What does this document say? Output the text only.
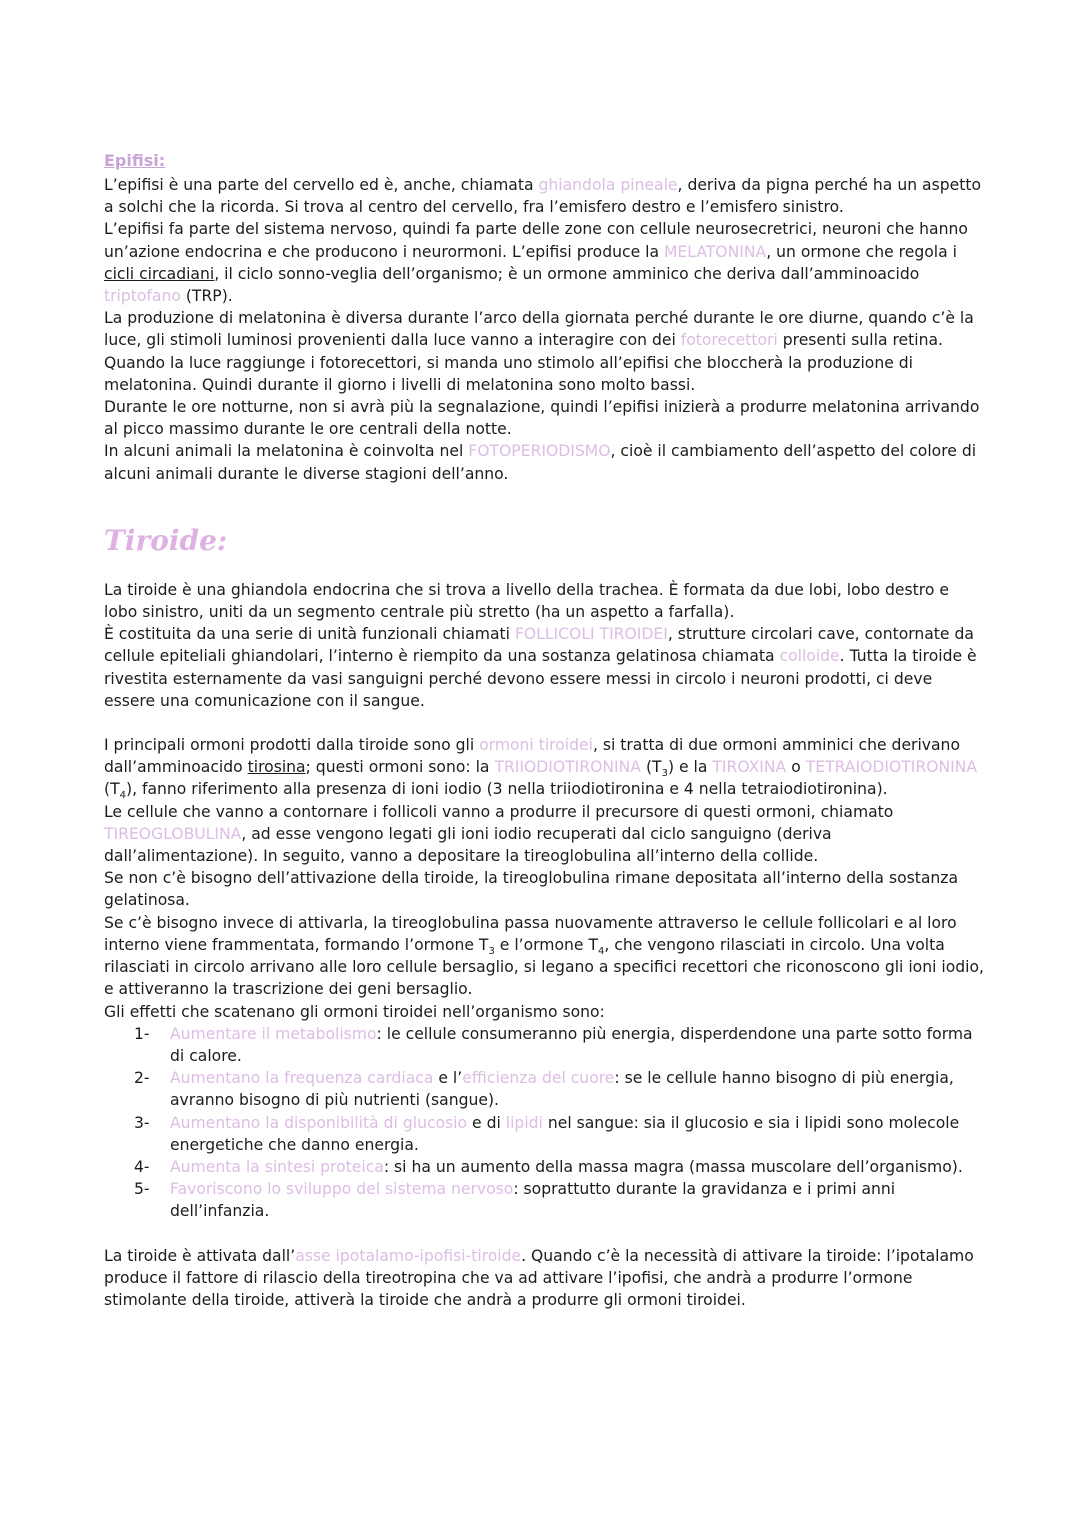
Epifisi:

L’epifisi è una parte del cervello ed è, anche, chiamata ghiandola pineale, deriva da pigna perché ha un aspetto a solchi che la ricorda. Si trova al centro del cervello, fra l’emisfero destro e l’emisfero sinistro.

L’epifisi fa parte del sistema nervoso, quindi fa parte delle zone con cellule neurosecretrici, neuroni che hanno un’azione endocrina e che producono i neurormoni. L’epifisi produce la MELATONINA, un ormone che regola i cicli circadiani, il ciclo sonno-veglia dell’organismo; è un ormone amminico che deriva dall’amminoacido triptofano (TRP).

La produzione di melatonina è diversa durante l’arco della giornata perché durante le ore diurne, quando c’è la luce, gli stimoli luminosi provenienti dalla luce vanno a interagire con dei fotorecettori presenti sulla retina. Quando la luce raggiunge i fotorecettori, si manda uno stimolo all’epifisi che bloccherà la produzione di melatonina. Quindi durante il giorno i livelli di melatonina sono molto bassi.

Durante le ore notturne, non si avrà più la segnalazione, quindi l’epifisi inizierà a produrre melatonina arrivando al picco massimo durante le ore centrali della notte.

In alcuni animali la melatonina è coinvolta nel FOTOPERIODISMO, cioè il cambiamento dell’aspetto del colore di alcuni animali durante le diverse stagioni dell’anno.

Tiroide:

La tiroide è una ghiandola endocrina che si trova a livello della trachea. È formata da due lobi, lobo destro e lobo sinistro, uniti da un segmento centrale più stretto (ha un aspetto a farfalla).

È costituita da una serie di unità funzionali chiamati FOLLICOLI TIROIDEI, strutture circolari cave, contornate da cellule epiteliali ghiandolari, l’interno è riempito da una sostanza gelatinosa chiamata colloide. Tutta la tiroide è rivestita esternamente da vasi sanguigni perché devono essere messi in circolo i neuroni prodotti, ci deve essere una comunicazione con il sangue.

I principali ormoni prodotti dalla tiroide sono gli ormoni tiroidei, si tratta di due ormoni amminici che derivano dall’amminoacido tirosina; questi ormoni sono: la TRIIODIOTIRONINA $(T_3)$ e la TIROXINA o TETRAIODIOTIRONINA $(T_4)$, fanno riferimento alla presenza di ioni iodio (3 nella triiodiotironina e 4 nella tetraiodiotironina).

Le cellule che vanno a contornare i follicoli vanno a produrre il precursore di questi ormoni, chiamato TIREOGLOBULINA, ad esse vengono legati gli ioni iodio recuperati dal ciclo sanguigno (deriva dall’alimentazione). In seguito, vanno a depositare la tireoglobulina all’interno della collide.

Se non c’è bisogno dell’attivazione della tiroide, la tireoglobulina rimane depositata all’interno della sostanza gelatinosa.

Se c’è bisogno invece di attivarla, la tireoglobulina passa nuovamente attraverso le cellule follicolari e al loro interno viene frammentata, formando l’ormone $T_3$ e l’ormone $T_4$, che vengono rilasciati in circolo. Una volta rilasciati in circolo arrivano alle loro cellule bersaglio, si legano a specifici recettori che riconoscono gli ioni iodio, e attiveranno la trascrizione dei geni bersaglio.

Gli effetti che scatenano gli ormoni tiroidei nell’organismo sono:

1- Aumentare il metabolismo: le cellule consumeranno più energia, disperdendone una parte sotto forma di calore.
2- Aumentano la frequenza cardiaca e l’efficienza del cuore: se le cellule hanno bisogno di più energia, avranno bisogno di più nutrienti (sangue).
3- Aumentano la disponibilità di glucosio e di lipidi nel sangue: sia il glucosio e sia i lipidi sono molecole energetiche che danno energia.
4- Aumenta la sintesi proteica: si ha un aumento della massa magra (massa muscolare dell’organismo).
5- Favoriscono lo sviluppo del sistema nervoso: soprattutto durante la gravidanza e i primi anni dell’infanzia.

La tiroide è attivata dall’asse ipotalamo-ipofisi-tiroide. Quando c’è la necessità di attivare la tiroide: l’ipotalamo produce il fattore di rilascio della tireotropina che va ad attivare l’ipofisi, che andrà a produrre l’ormone stimolante della tiroide, attiverà la tiroide che andrà a produrre gli ormoni tiroidei.
